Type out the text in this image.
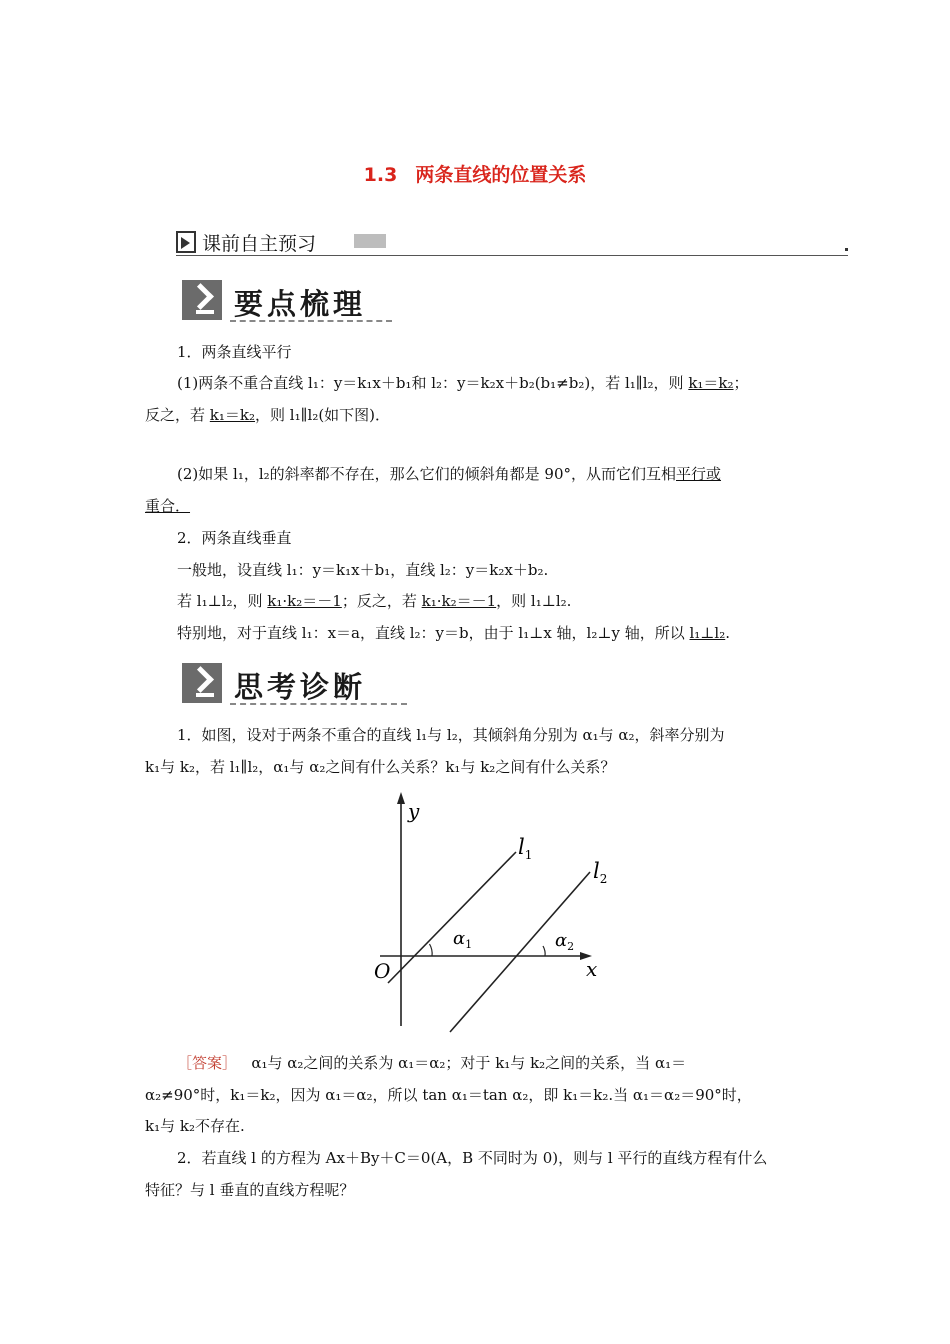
1.3 两条直线的位置关系
课前自主预习
要点梳理
1．两条直线平行
(1)两条不重合直线 l₁：y＝k₁x＋b₁和 l₂：y＝k₂x＋b₂(b₁≠b₂)，若 l₁∥l₂，则 k₁＝k₂；
反之，若 k₁＝k₂，则 l₁∥l₂(如下图)．
(2)如果 l₁，l₂的斜率都不存在，那么它们的倾斜角都是 90°，从而它们互相平行或
重合．
2．两条直线垂直
一般地，设直线 l₁：y＝k₁x＋b₁，直线 l₂：y＝k₂x＋b₂.
若 l₁⊥l₂，则 k₁·k₂＝－1；反之，若 k₁·k₂＝－1，则 l₁⊥l₂.
特别地，对于直线 l₁：x＝a，直线 l₂：y＝b，由于 l₁⊥x 轴，l₂⊥y 轴，所以 l₁⊥l₂.
思考诊断
1．如图，设对于两条不重合的直线 l₁与 l₂，其倾斜角分别为 α₁与 α₂，斜率分别为
k₁与 k₂，若 l₁∥l₂，α₁与 α₂之间有什么关系？k₁与 k₂之间有什么关系？
y
x
O
$l_1$
$l_2$
$\alpha_1$	$\alpha_2$
［答案］ α₁与 α₂之间的关系为 α₁＝α₂；对于 k₁与 k₂之间的关系，当 α₁＝
α₂≠90°时，k₁＝k₂，因为 α₁＝α₂，所以 tan α₁＝tan α₂，即 k₁＝k₂.当 α₁＝α₂＝90°时，
k₁与 k₂不存在.
2．若直线 l 的方程为 Ax＋By＋C＝0(A，B 不同时为 0)，则与 l 平行的直线方程有什么
特征？与 l 垂直的直线方程呢？
